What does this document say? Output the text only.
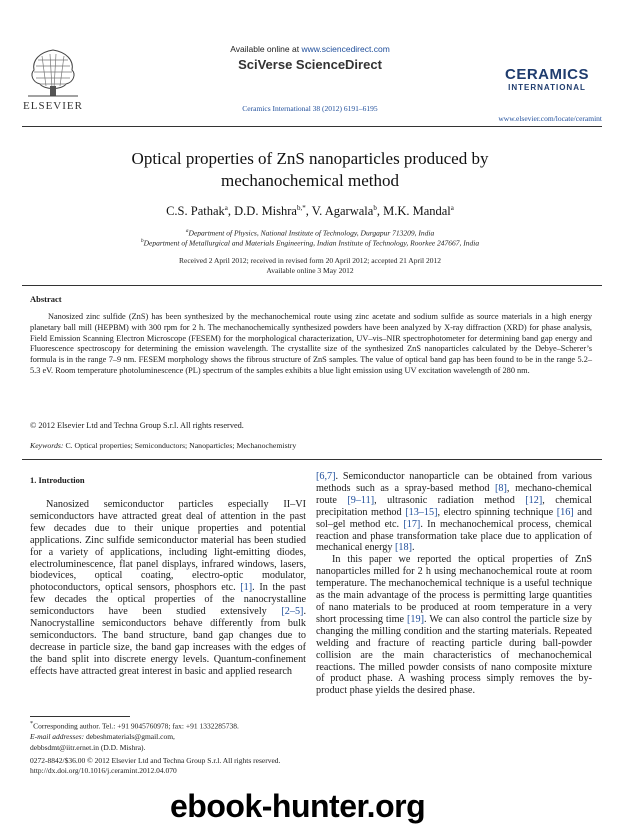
ELSEVIER
Available online at www.sciencedirect.com
SciVerse ScienceDirect
Ceramics International 38 (2012) 6191–6195
CERAMICS
INTERNATIONAL
www.elsevier.com/locate/ceramint
Optical properties of ZnS nanoparticles produced by
mechanochemical method
C.S. Pathak$^a$, D.D. Mishra$^{b,*}$, V. Agarwala$^b$, M.K. Mandal$^a$
$^a$Department of Physics, National Institute of Technology, Durgapur 713209, India
$^b$Department of Metallurgical and Materials Engineering, Indian Institute of Technology, Roorkee 247667, India
Received 2 April 2012; received in revised form 20 April 2012; accepted 21 April 2012
Available online 3 May 2012
Abstract
Nanosized zinc sulfide (ZnS) has been synthesized by the mechanochemical route using zinc acetate and sodium sulfide as source materials in a high energy planetary ball mill (HEPBM) with 300 rpm for 2 h. The mechanochemically synthesized powders have been analyzed by X-ray diffraction (XRD) for phase analysis, Field Emission Scanning Electron Microscope (FESEM) for the morphological characterization, UV–vis–NIR spectrophotometer for determining band gap energy and Fluorescence spectroscopy for determining the emission wavelength. The crystallite size of the synthesized ZnS nanoparticles calculated by the Debye–Scherer’s formula is in the range 7–9 nm. FESEM morphology shows the fibrous structure of ZnS samples. The value of optical band gap has been found to be in the range 5.2–5.3 eV. Room temperature photoluminescence (PL) spectrum of the samples exhibits a blue light emission using UV excitation wavelength of 280 nm.
© 2012 Elsevier Ltd and Techna Group S.r.l. All rights reserved.
Keywords: C. Optical properties; Semiconductors; Nanoparticles; Mechanochemistry
1. Introduction
Nanosized semiconductor particles especially II–VI semiconductors have attracted great deal of attention in the past few decades due to their unique properties and potential applications. Zinc sulfide semiconductor material has been studied for a variety of applications, including light-emitting diodes, electroluminescence, flat panel displays, infrared windows, lasers, biodevices, optical coating, electro-optic modulator, photoconductors, optical sensors, phosphors etc. [1]. In the past few decades the optical properties of the nanocrystalline semiconductors have been studied extensively [2–5]. Nanocrystalline semiconductors behave differently from bulk semiconductors. The band structure, band gap changes due to decrease in particle size, the band gap increases with the edges of the band split into discrete energy levels. Quantum-confinement effects have attracted great interest in basic and applied research
[6,7]. Semiconductor nanoparticle can be obtained from various methods such as a spray-based method [8], mechano-chemical route [9–11], ultrasonic radiation method [12], chemical precipitation method [13–15], electro spinning technique [16] and sol–gel method etc. [17]. In mechanochemical process, chemical reaction and phase transformation take place due to application of mechanical energy [18].
In this paper we reported the optical properties of ZnS nanoparticles milled for 2 h using mechanochemical route at room temperature. The mechanochemical technique is a useful technique as the main advantage of the process is permitting large quantities of nano materials to be produced at room temperature in a very short processing time [19]. We can also control the particle size by changing the milling condition and the starting materials. Repeated welding and fracture of reacting particle during ball-powder collision are the main characteristics of mechanochemical reactions. The milled powder consists of nano composite mixture of product phase. A washing process simply removes the by-product phase yields the desired phase.
*Corresponding author. Tel.: +91 9045760978; fax: +91 1332285738.
E-mail addresses: debeshmaterials@gmail.com,
debbsdmt@iitr.ernet.in (D.D. Mishra).
0272-8842/$36.00 © 2012 Elsevier Ltd and Techna Group S.r.l. All rights reserved.
http://dx.doi.org/10.1016/j.ceramint.2012.04.070
ebook-hunter.org
